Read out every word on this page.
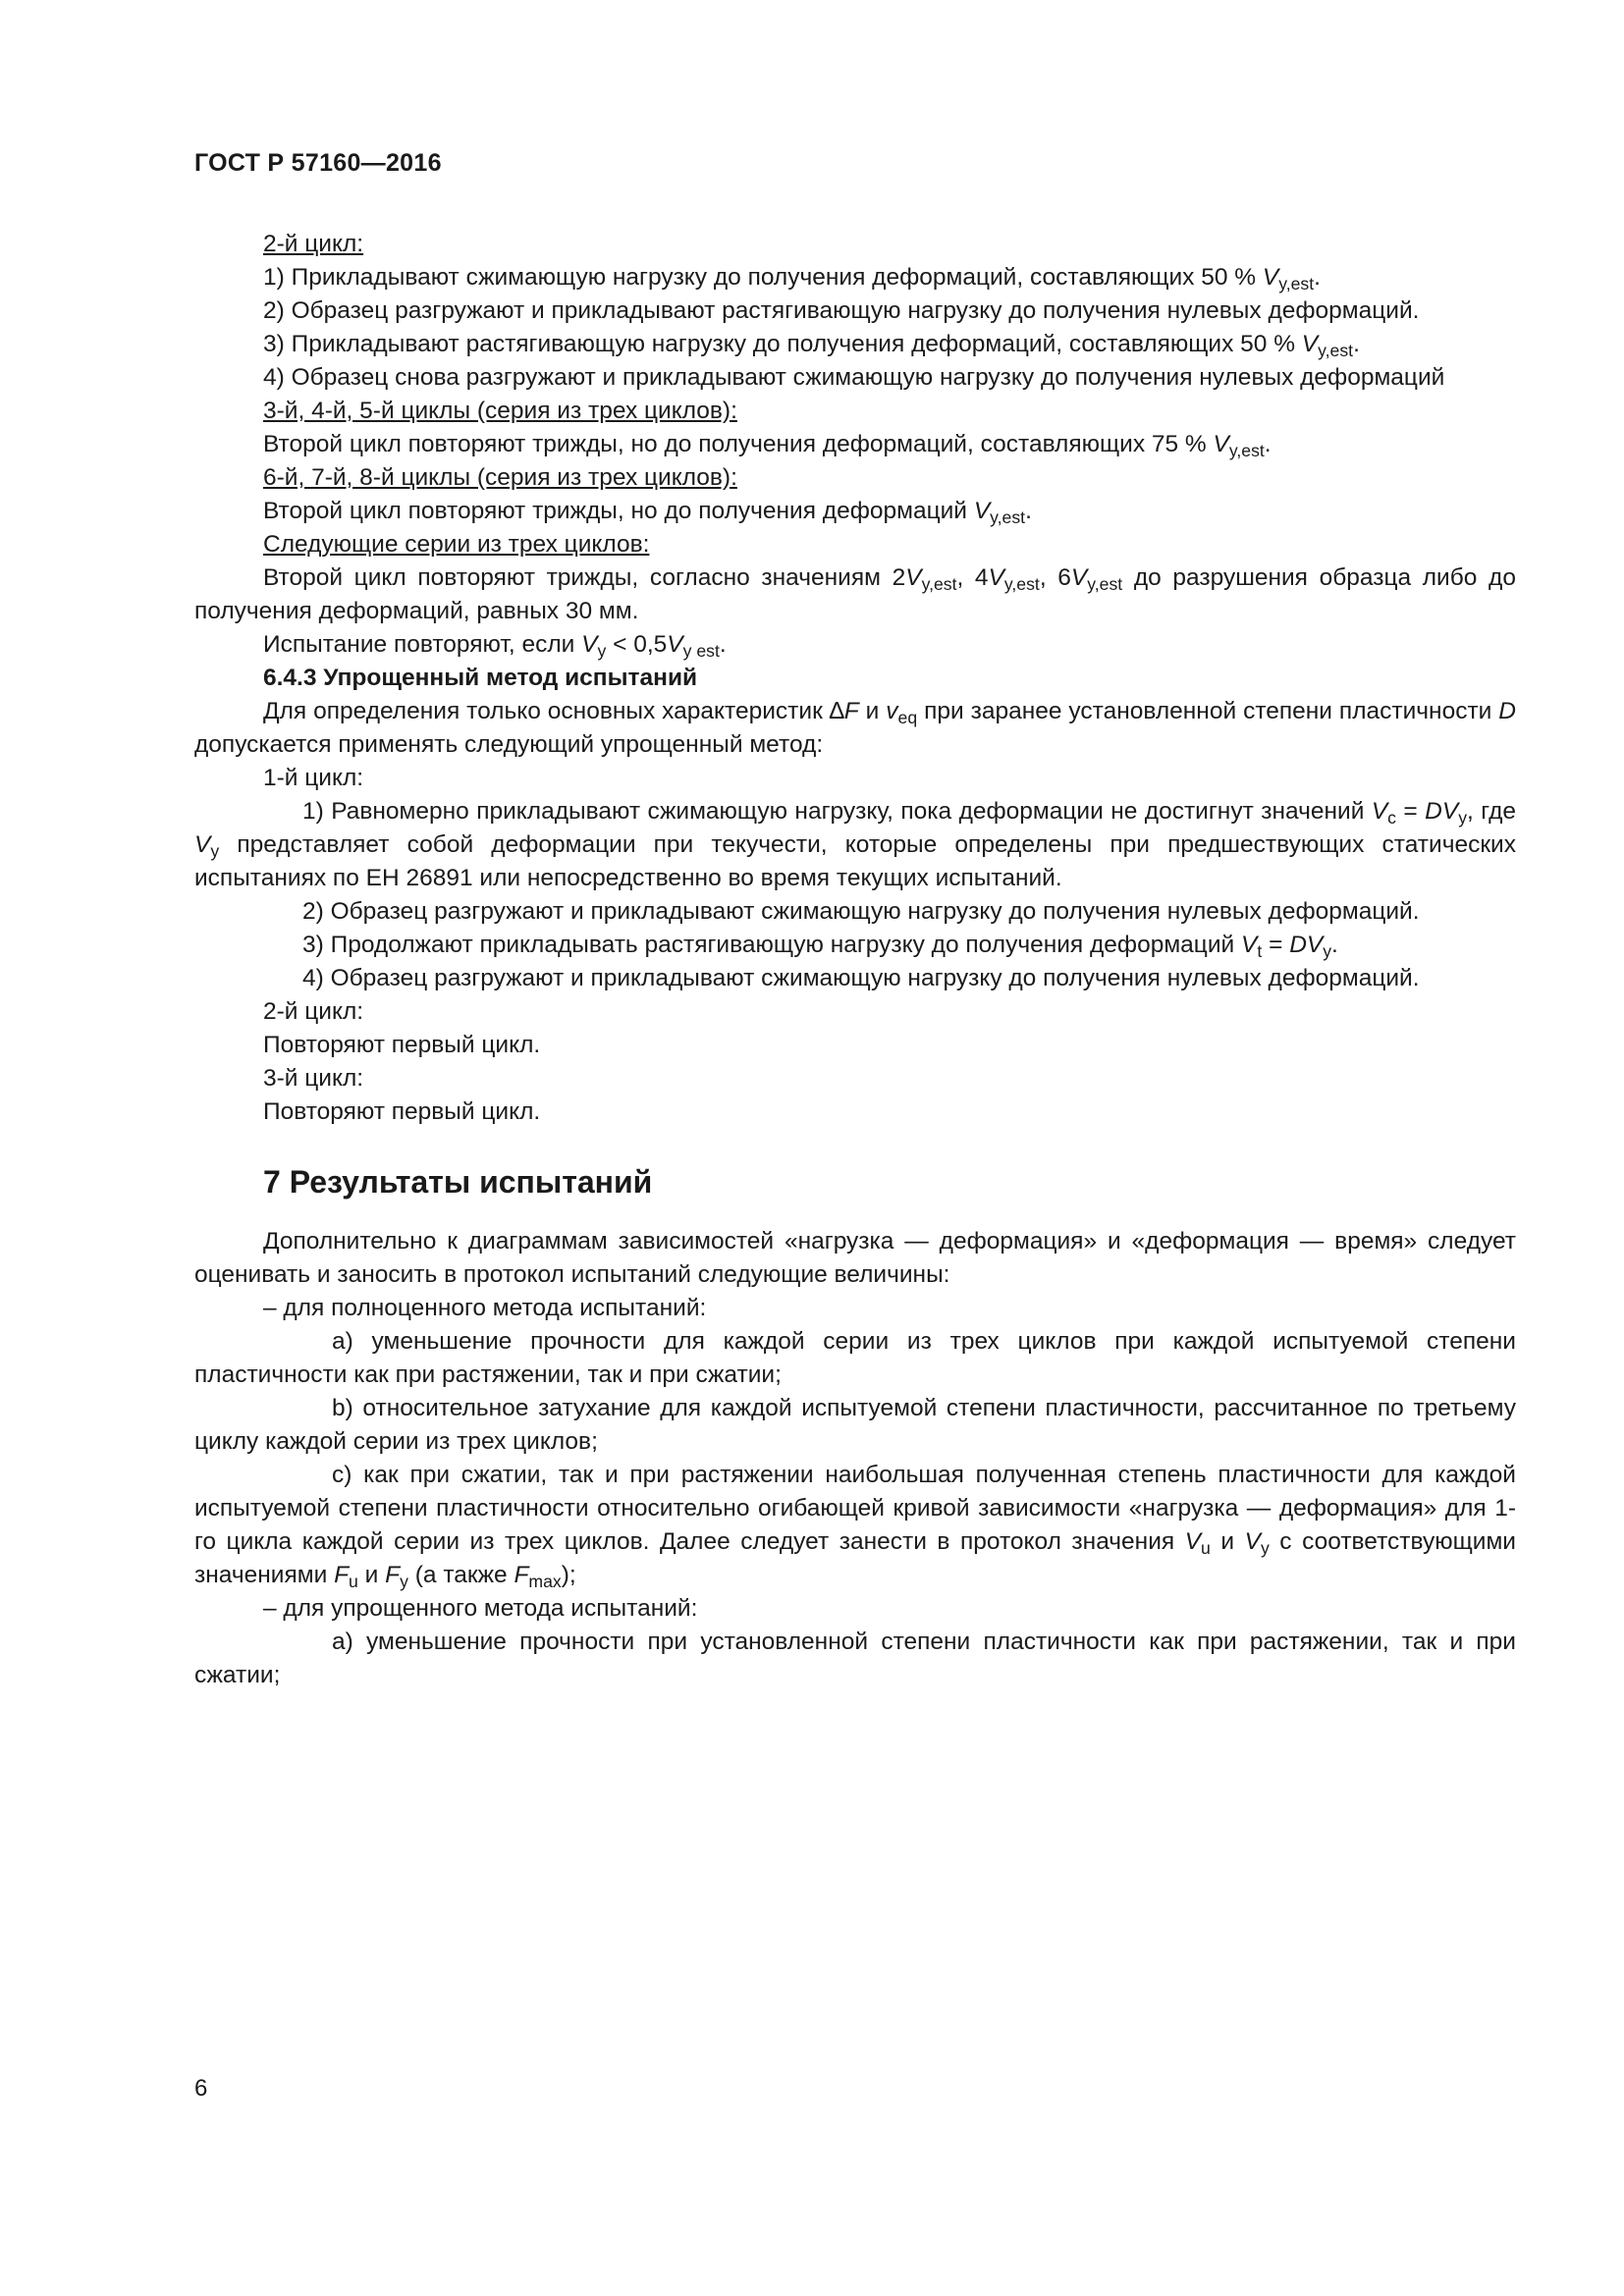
ГОСТ Р 57160—2016

2-й цикл:

1) Прикладывают сжимающую нагрузку до получения деформаций, составляющих 50 % $V_{y,est}$.

2) Образец разгружают и прикладывают растягивающую нагрузку до получения нулевых деформаций.

3) Прикладывают растягивающую нагрузку до получения деформаций, составляющих 50 % $V_{y,est}$.

4) Образец снова разгружают и прикладывают сжимающую нагрузку до получения нулевых деформаций

3-й, 4-й, 5-й циклы (серия из трех циклов):

Второй цикл повторяют трижды, но до получения деформаций, составляющих 75 % $V_{y,est}$.

6-й, 7-й, 8-й циклы (серия из трех циклов):

Второй цикл повторяют трижды, но до получения деформаций $V_{y,est}$.

Следующие серии из трех циклов:

Второй цикл повторяют трижды, согласно значениям $2V_{y,est}$, $4V_{y,est}$, $6V_{y,est}$ до разрушения образца либо до получения деформаций, равных 30 мм.

Испытание повторяют, если $V_y < 0,5V_{y est}$.

6.4.3 Упрощенный метод испытаний

Для определения только основных характеристик ∆F и $v_{eq}$ при заранее установленной степени пластичности D допускается применять следующий упрощенный метод:

1-й цикл:

1) Равномерно прикладывают сжимающую нагрузку, пока деформации не достигнут значений $V_c = DV_y$, где $V_y$ представляет собой деформации при текучести, которые определены при предшествующих статических испытаниях по ЕН 26891 или непосредственно во время текущих испытаний.

2) Образец разгружают и прикладывают сжимающую нагрузку до получения нулевых деформаций.

3) Продолжают прикладывать растягивающую нагрузку до получения деформаций $V_t = DV_y$.

4) Образец разгружают и прикладывают сжимающую нагрузку до получения нулевых деформаций.

2-й цикл:

Повторяют первый цикл.

3-й цикл:

Повторяют первый цикл.

7 Результаты испытаний

Дополнительно к диаграммам зависимостей «нагрузка — деформация» и «деформация — время» следует оценивать и заносить в протокол испытаний следующие величины:

– для полноценного метода испытаний:

a) уменьшение прочности для каждой серии из трех циклов при каждой испытуемой степени пластичности как при растяжении, так и при сжатии;

b) относительное затухание для каждой испытуемой степени пластичности, рассчитанное по третьему циклу каждой серии из трех циклов;

c) как при сжатии, так и при растяжении наибольшая полученная степень пластичности для каждой испытуемой степени пластичности относительно огибающей кривой зависимости «нагрузка — деформация» для 1-го цикла каждой серии из трех циклов. Далее следует занести в протокол значения $V_u$ и $V_y$ с соответствующими значениями $F_u$ и $F_y$ (а также $F_{max}$);

– для упрощенного метода испытаний:

a) уменьшение прочности при установленной степени пластичности как при растяжении, так и при сжатии;

6
